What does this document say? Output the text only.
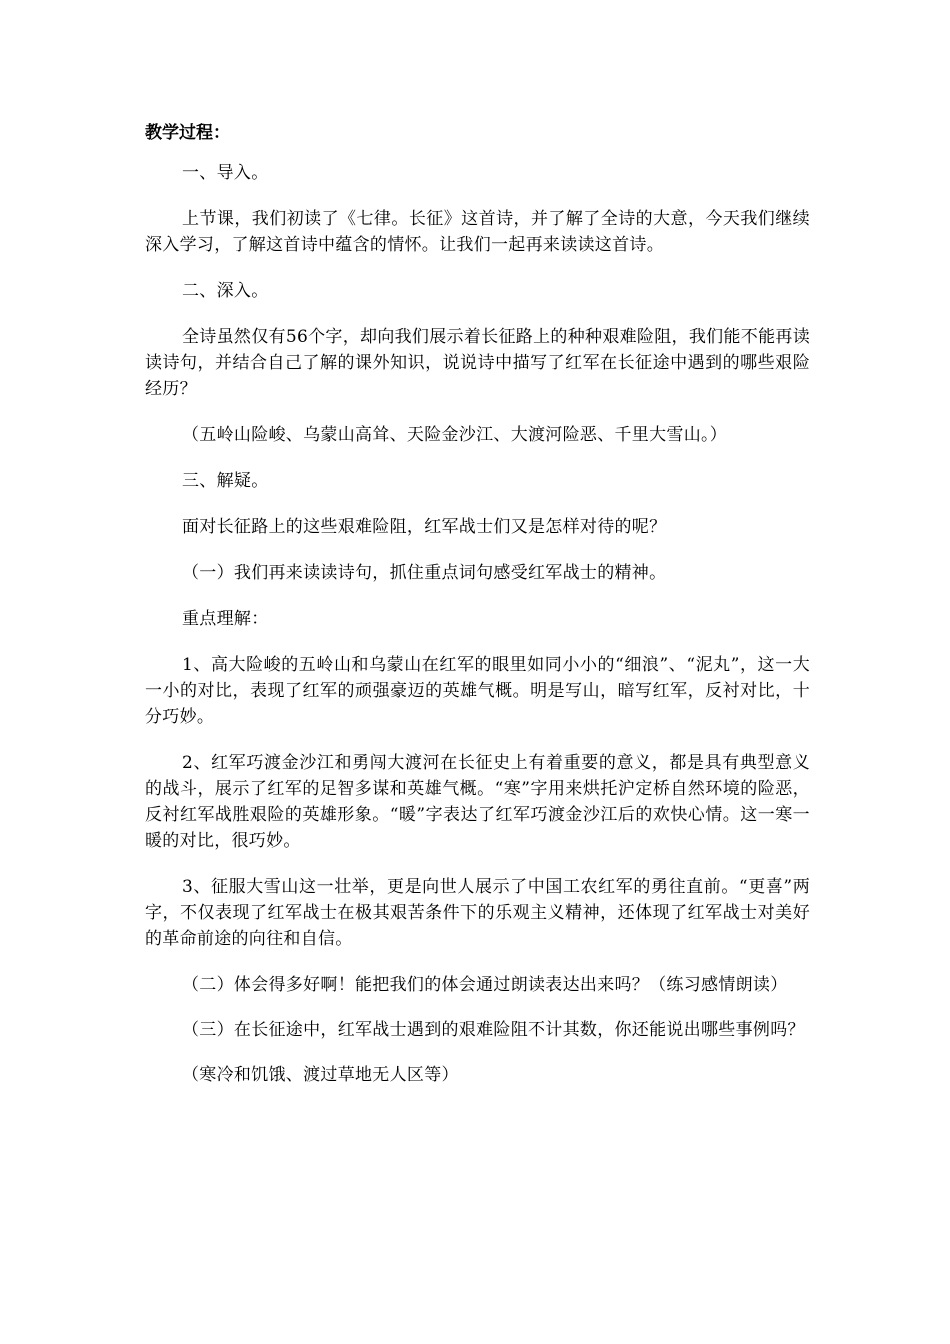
教学过程：

一、导入。

上节课，我们初读了《七律。长征》这首诗，并了解了全诗的大意，今天我们继续深入学习，了解这首诗中蕴含的情怀。让我们一起再来读读这首诗。

二、深入。

全诗虽然仅有56个字，却向我们展示着长征路上的种种艰难险阻，我们能不能再读读诗句，并结合自己了解的课外知识，说说诗中描写了红军在长征途中遇到的哪些艰险经历？

（五岭山险峻、乌蒙山高耸、天险金沙江、大渡河险恶、千里大雪山。）

三、解疑。

面对长征路上的这些艰难险阻，红军战士们又是怎样对待的呢？

（一）我们再来读读诗句，抓住重点词句感受红军战士的精神。

重点理解：

1、高大险峻的五岭山和乌蒙山在红军的眼里如同小小的“细浪”、“泥丸”，这一大一小的对比，表现了红军的顽强豪迈的英雄气概。明是写山，暗写红军，反衬对比，十分巧妙。

2、红军巧渡金沙江和勇闯大渡河在长征史上有着重要的意义，都是具有典型意义的战斗，展示了红军的足智多谋和英雄气概。“寒”字用来烘托沪定桥自然环境的险恶，反衬红军战胜艰险的英雄形象。“暖”字表达了红军巧渡金沙江后的欢快心情。这一寒一暖的对比，很巧妙。

3、征服大雪山这一壮举，更是向世人展示了中国工农红军的勇往直前。“更喜”两字，不仅表现了红军战士在极其艰苦条件下的乐观主义精神，还体现了红军战士对美好的革命前途的向往和自信。

（二）体会得多好啊！能把我们的体会通过朗读表达出来吗？（练习感情朗读）

（三）在长征途中，红军战士遇到的艰难险阻不计其数，你还能说出哪些事例吗？

（寒冷和饥饿、渡过草地无人区等）
